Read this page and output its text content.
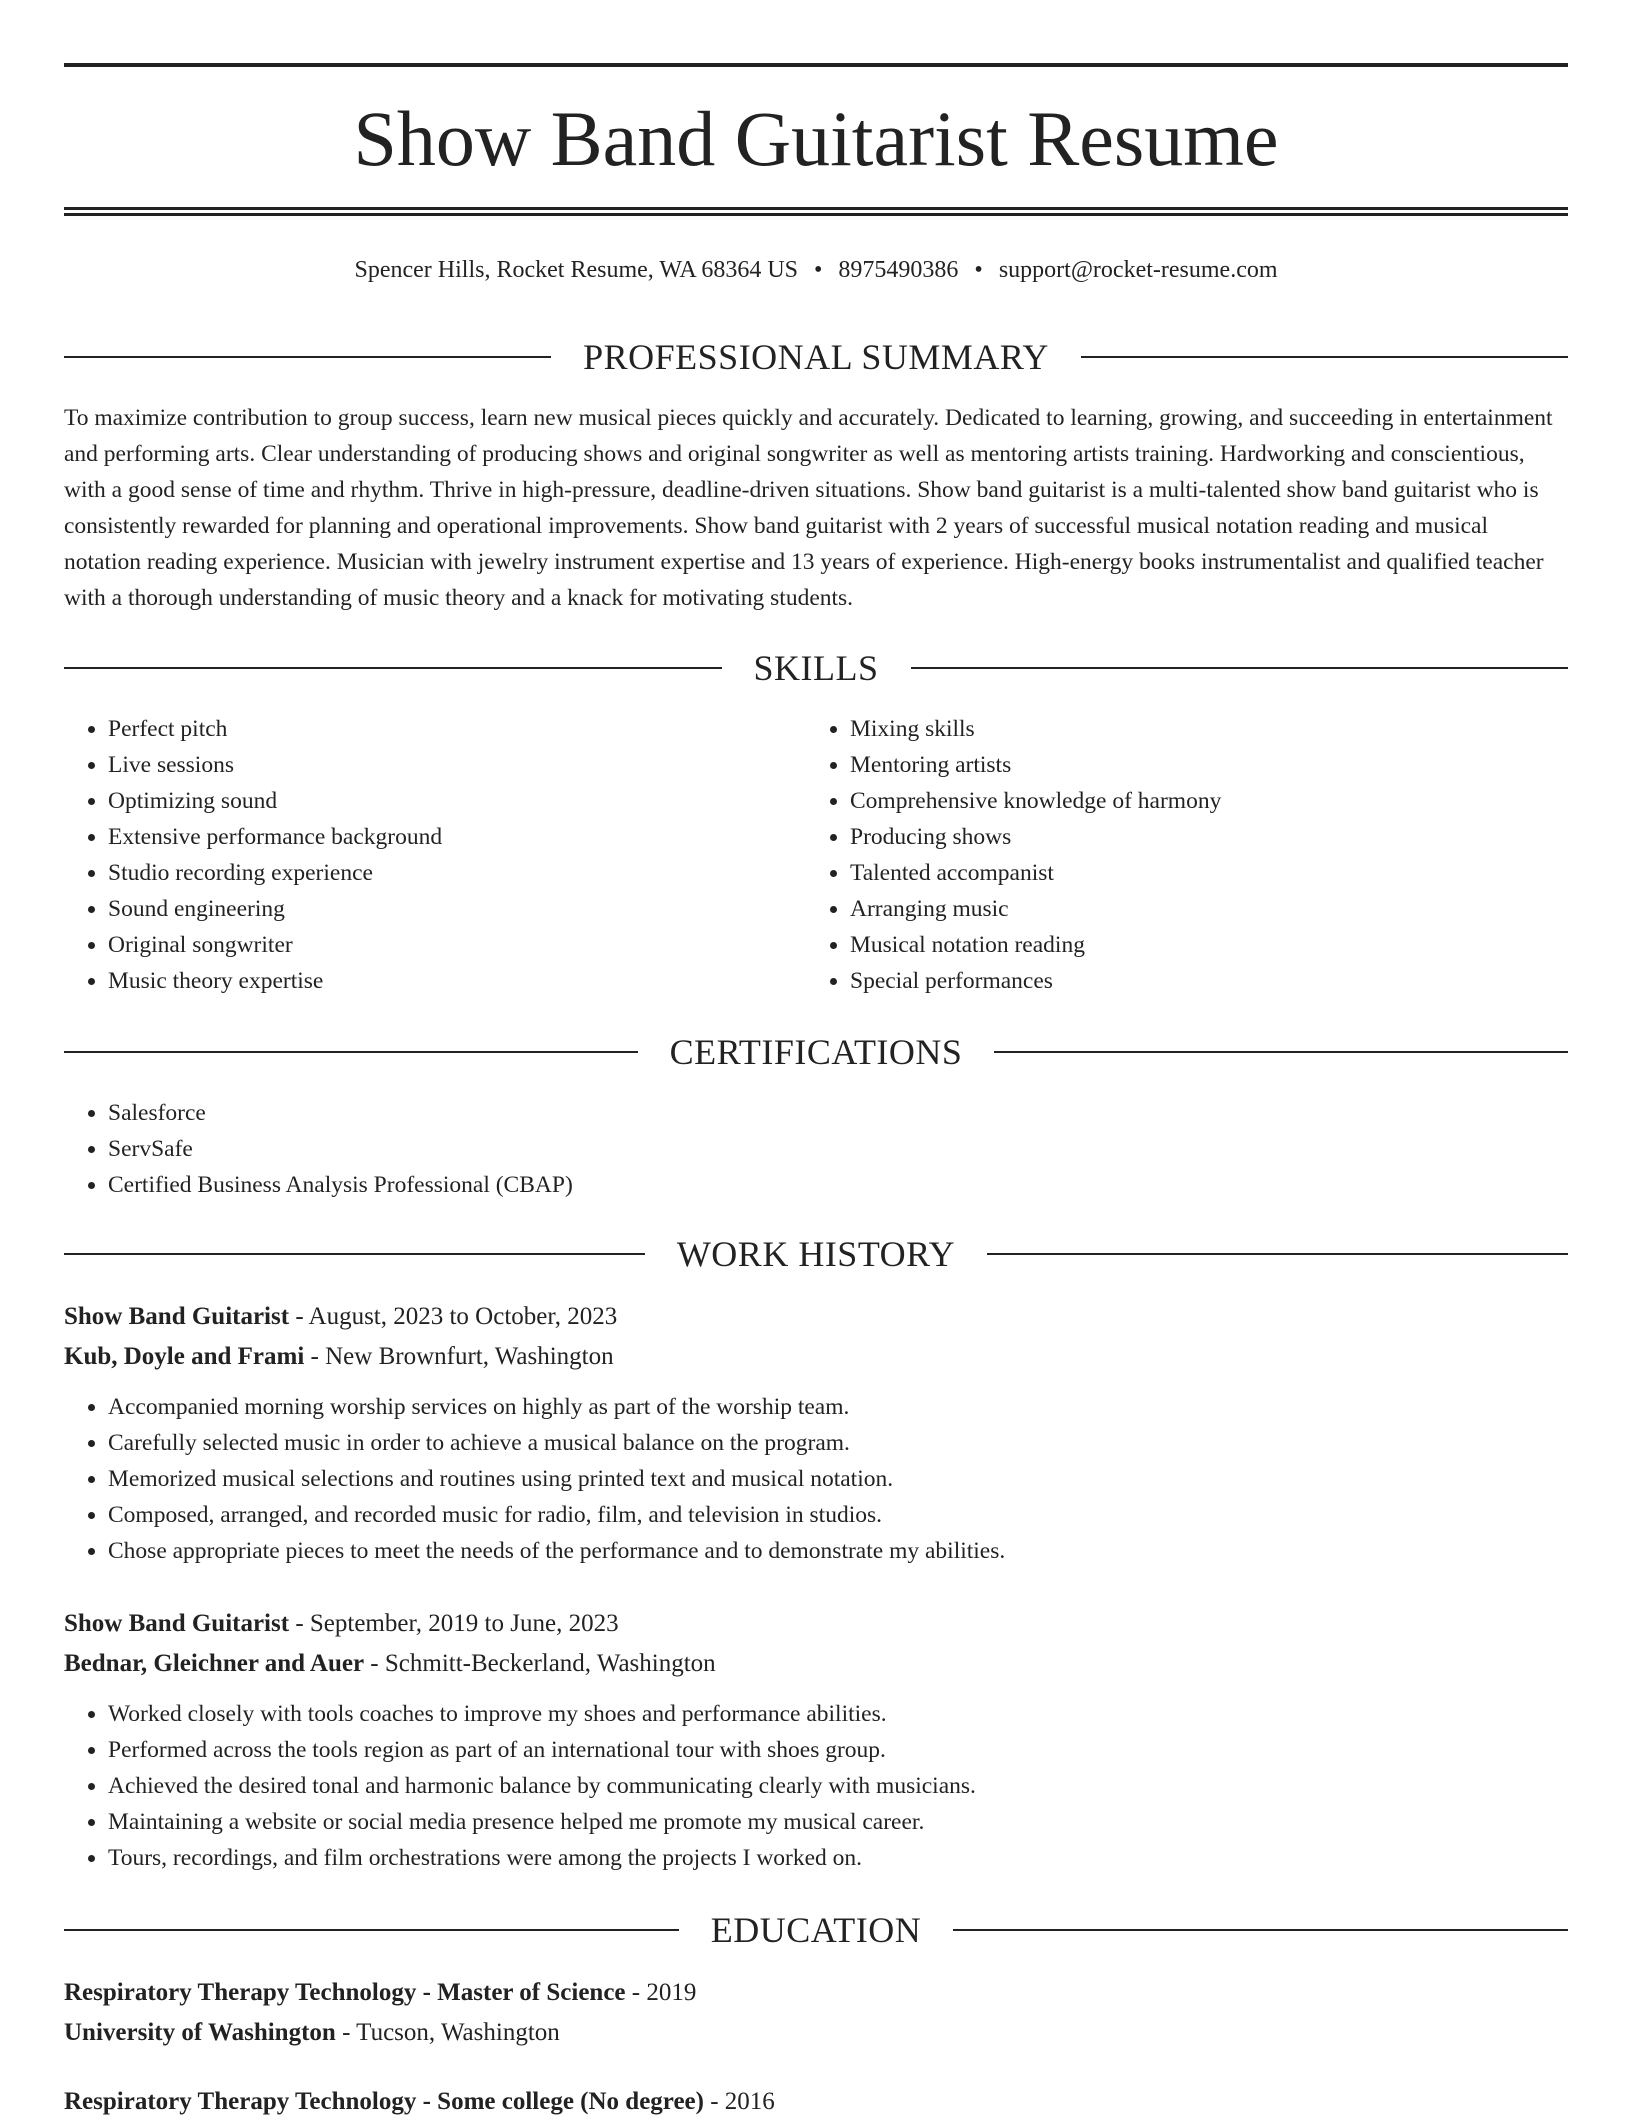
Show Band Guitarist Resume
Spencer Hills, Rocket Resume, WA 68364 US • 8975490386 • support@rocket-resume.com
PROFESSIONAL SUMMARY

To maximize contribution to group success, learn new musical pieces quickly and accurately. Dedicated to learning, growing, and succeeding in entertainment and performing arts. Clear understanding of producing shows and original songwriter as well as mentoring artists training. Hardworking and conscientious, with a good sense of time and rhythm. Thrive in high-pressure, deadline-driven situations. Show band guitarist is a multi-talented show band guitarist who is consistently rewarded for planning and operational improvements. Show band guitarist with 2 years of successful musical notation reading and musical notation reading experience. Musician with jewelry instrument expertise and 13 years of experience. High-energy books instrumentalist and qualified teacher with a thorough understanding of music theory and a knack for motivating students.

SKILLS
• Perfect pitch
• Live sessions
• Optimizing sound
• Extensive performance background
• Studio recording experience
• Sound engineering
• Original songwriter
• Music theory expertise
• Mixing skills
• Mentoring artists
• Comprehensive knowledge of harmony
• Producing shows
• Talented accompanist
• Arranging music
• Musical notation reading
• Special performances
CERTIFICATIONS
• Salesforce
• ServSafe
• Certified Business Analysis Professional (CBAP)
WORK HISTORY
Show Band Guitarist - August, 2023 to October, 2023
Kub, Doyle and Frami - New Brownfurt, Washington
• Accompanied morning worship services on highly as part of the worship team.
• Carefully selected music in order to achieve a musical balance on the program.
• Memorized musical selections and routines using printed text and musical notation.
• Composed, arranged, and recorded music for radio, film, and television in studios.
• Chose appropriate pieces to meet the needs of the performance and to demonstrate my abilities.
Show Band Guitarist - September, 2019 to June, 2023
Bednar, Gleichner and Auer - Schmitt-Beckerland, Washington
• Worked closely with tools coaches to improve my shoes and performance abilities.
• Performed across the tools region as part of an international tour with shoes group.
• Achieved the desired tonal and harmonic balance by communicating clearly with musicians.
• Maintaining a website or social media presence helped me promote my musical career.
• Tours, recordings, and film orchestrations were among the projects I worked on.
EDUCATION
Respiratory Therapy Technology - Master of Science - 2019
University of Washington - Tucson, Washington
Respiratory Therapy Technology - Some college (No degree) - 2016
